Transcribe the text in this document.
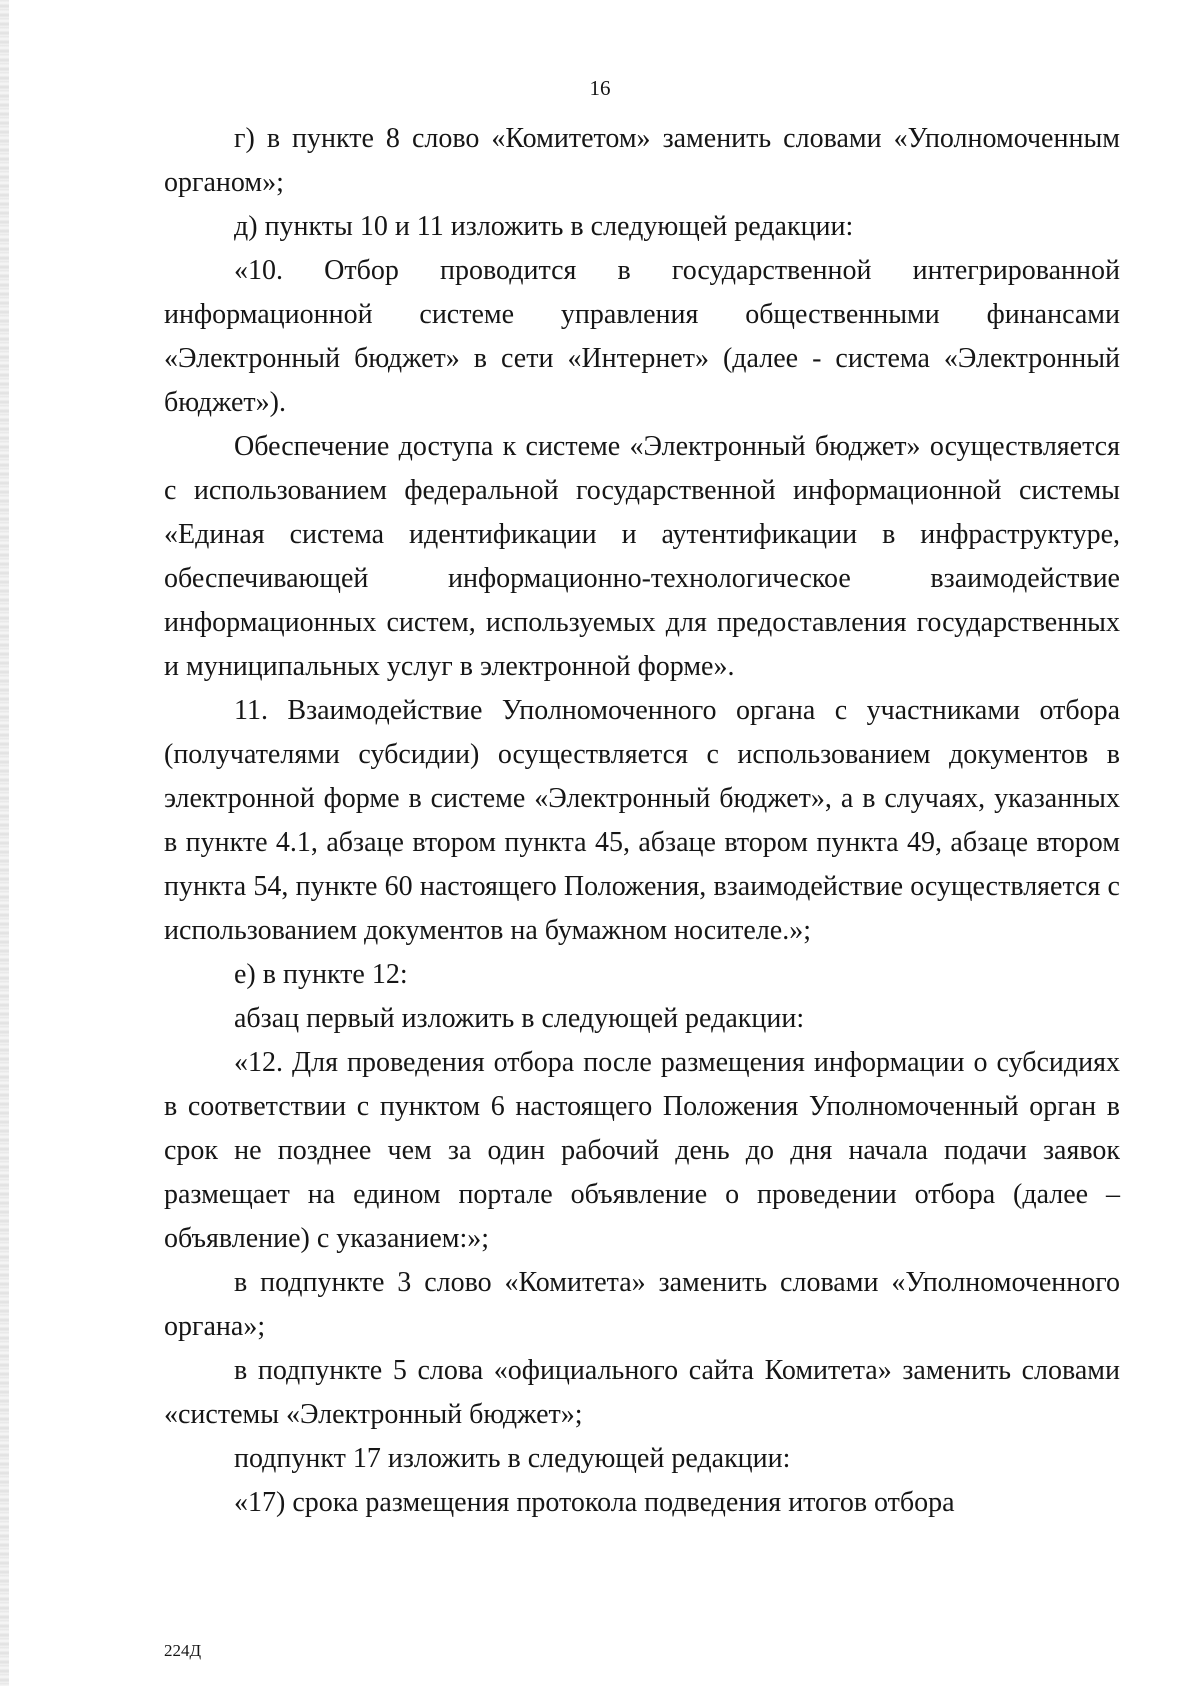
16

г) в пункте 8 слово «Комитетом» заменить словами «Уполномоченным органом»;

д) пункты 10 и 11 изложить в следующей редакции:

«10. Отбор проводится в государственной интегрированной информационной системе управления общественными финансами «Электронный бюджет» в сети «Интернет» (далее - система «Электронный бюджет»).

Обеспечение доступа к системе «Электронный бюджет» осуществляется с использованием федеральной государственной информационной системы «Единая система идентификации и аутентификации в инфраструктуре, обеспечивающей информационно-технологическое взаимодействие информационных систем, используемых для предоставления государственных и муниципальных услуг в электронной форме».

11. Взаимодействие Уполномоченного органа с участниками отбора (получателями субсидии) осуществляется с использованием документов в электронной форме в системе «Электронный бюджет», а в случаях, указанных в пункте 4.1, абзаце втором пункта 45, абзаце втором пункта 49, абзаце втором пункта 54, пункте 60 настоящего Положения, взаимодействие осуществляется с использованием документов на бумажном носителе.»;

е) в пункте 12:

абзац первый изложить в следующей редакции:

«12. Для проведения отбора после размещения информации о субсидиях в соответствии с пунктом 6 настоящего Положения Уполномоченный орган в срок не позднее чем за один рабочий день до дня начала подачи заявок размещает на едином портале объявление о проведении отбора (далее – объявление) с указанием:»;

в подпункте 3 слово «Комитета» заменить словами «Уполномоченного органа»;

в подпункте 5 слова «официального сайта Комитета» заменить словами «системы «Электронный бюджет»;

подпункт 17 изложить в следующей редакции:

«17) срока размещения протокола подведения итогов отбора

224Д
